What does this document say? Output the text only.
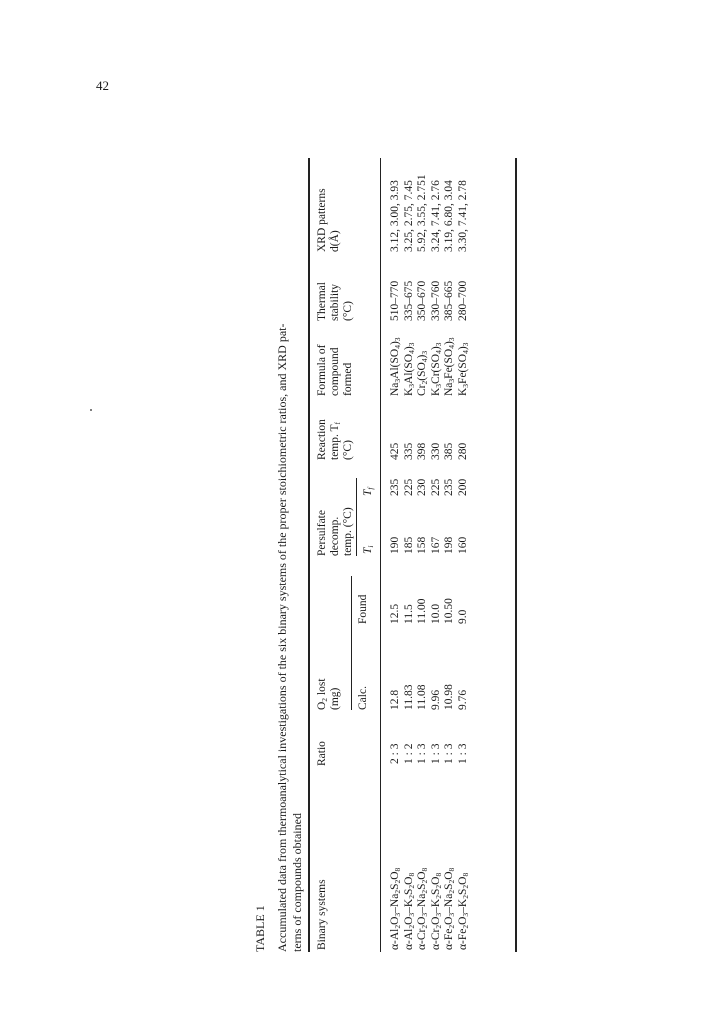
42
TABLE 1 Accumulated data from thermoanalytical investigations of the six binary systems of the proper stoichiometric ratios, and XRD pat- terns of compounds obtained Binary systems
Ratio
$O_2$ lost (mg) Calc.
Found
Persulfate decomp. temp. (°C) $T_i$
$T_f$
Reaction temp. $T_f$
(°C)
Formula of compound formed
Thermal stability (°C)
XRD patterns d(Å)
$\alpha-Al_2O_3-Na_2S_2O_8$
2 : 3
12.8
12.5
190
235
425
$Na_3Al(SO_4)_3$
510–770
3.12, 3.00, 3.93
$\alpha-Al_2O_3-K_2S_2O_8$
1 : 2
11.83
11.5
185
225
335
$K_3Al(SO_4)_3$
335–675
3.25, 2.75, 7.45
$\alpha-Cr_2O_3-Na_2S_2O_8$
1 : 3
11.08
11.00
158
230
398
$Cr_2(SO_4)_3$
350–670
5.92, 3.55, 2.751
$\alpha-Cr_2O_3-K_2S_2O_8$
1 : 3
9.96
10.0
167
225
330
$K_3Cr(SO_4)_3$
330–760
3.24, 7.41, 2.76
$\alpha-Fe_2O_3-Na_2S_2O_8$
1 : 3
10.98
10.50
198
235
385
$Na_3Fe(SO_4)_3$
385–665
3.19, 6.80, 3.04
$\alpha-Fe_2O_3-K_2S_2O_8$
1 : 3
9.76
9.0
160
200
280
$K_3Fe(SO_4)_3$
280–700
3.30, 7.41, 2.78
